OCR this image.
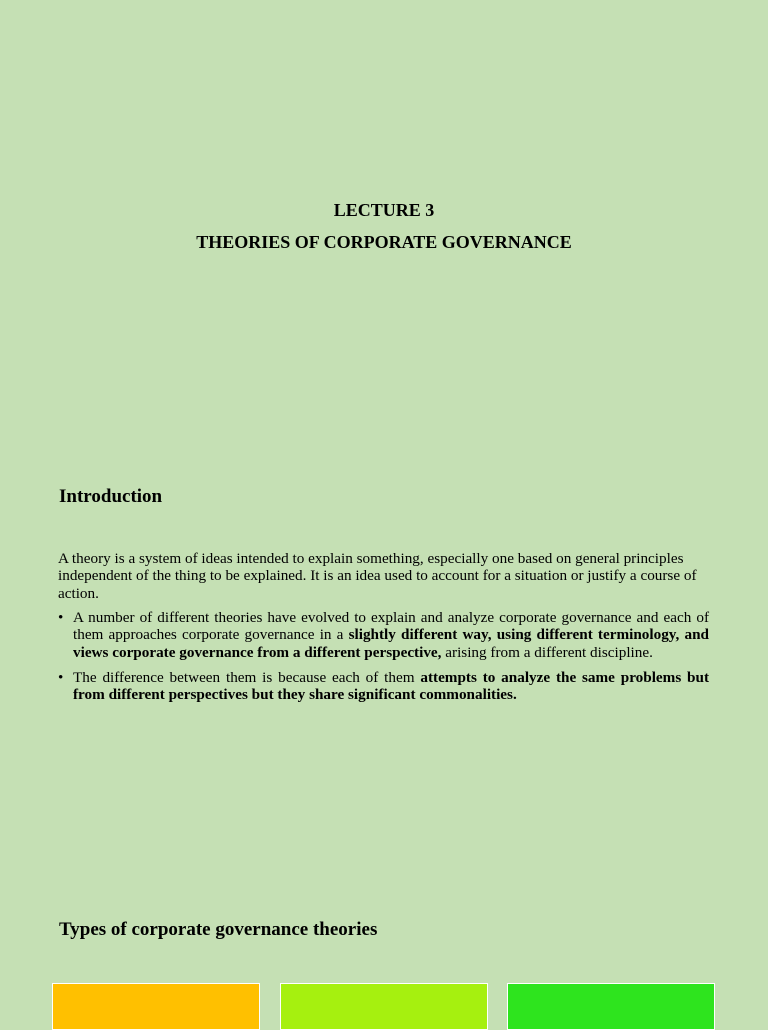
LECTURE 3

THEORIES OF CORPORATE GOVERNANCE

Introduction

A theory is a system of ideas intended to explain something, especially one based on general principles independent of the thing to be explained. It is an idea used to account for a situation or justify a course of action.

• A number of different theories have evolved to explain and analyze corporate governance and each of them approaches corporate governance in a slightly different way, using different terminology, and views corporate governance from a different perspective, arising from a different discipline.
• The difference between them is because each of them attempts to analyze the same problems but from different perspectives but they share significant commonalities.
Types of corporate governance theories
